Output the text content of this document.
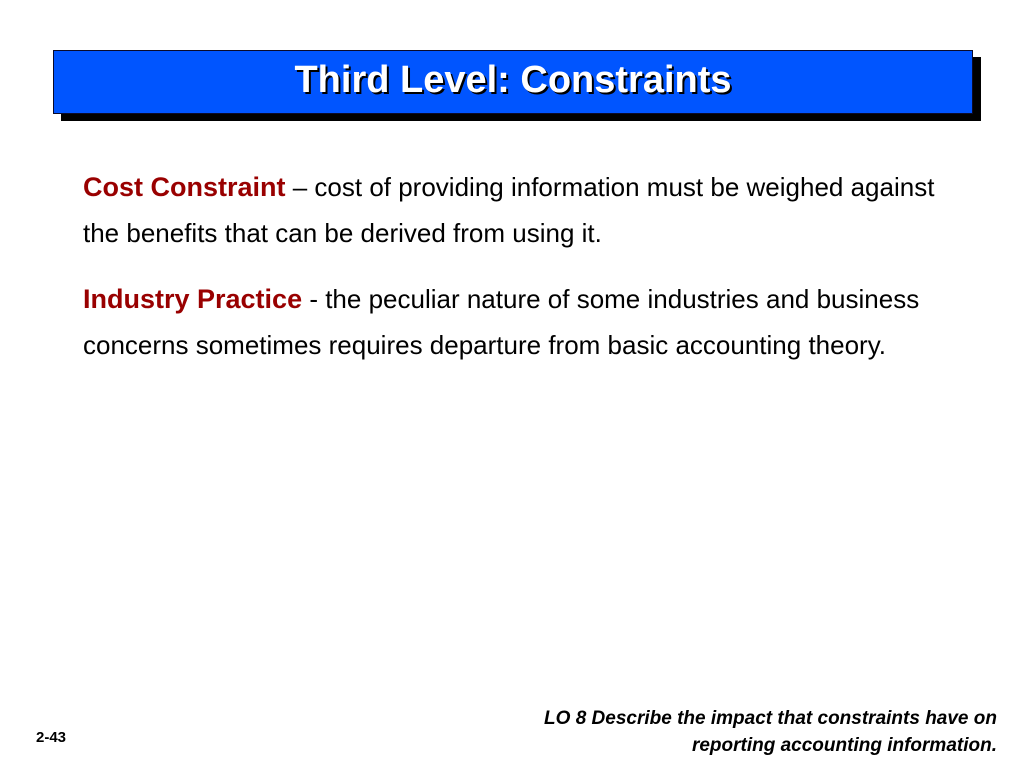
Third Level: Constraints

Cost Constraint – cost of providing information must be weighed against the benefits that can be derived from using it.

Industry Practice - the peculiar nature of some industries and business concerns sometimes requires departure from basic accounting theory.

LO 8 Describe the impact that constraints have on
reporting accounting information.
2-43
